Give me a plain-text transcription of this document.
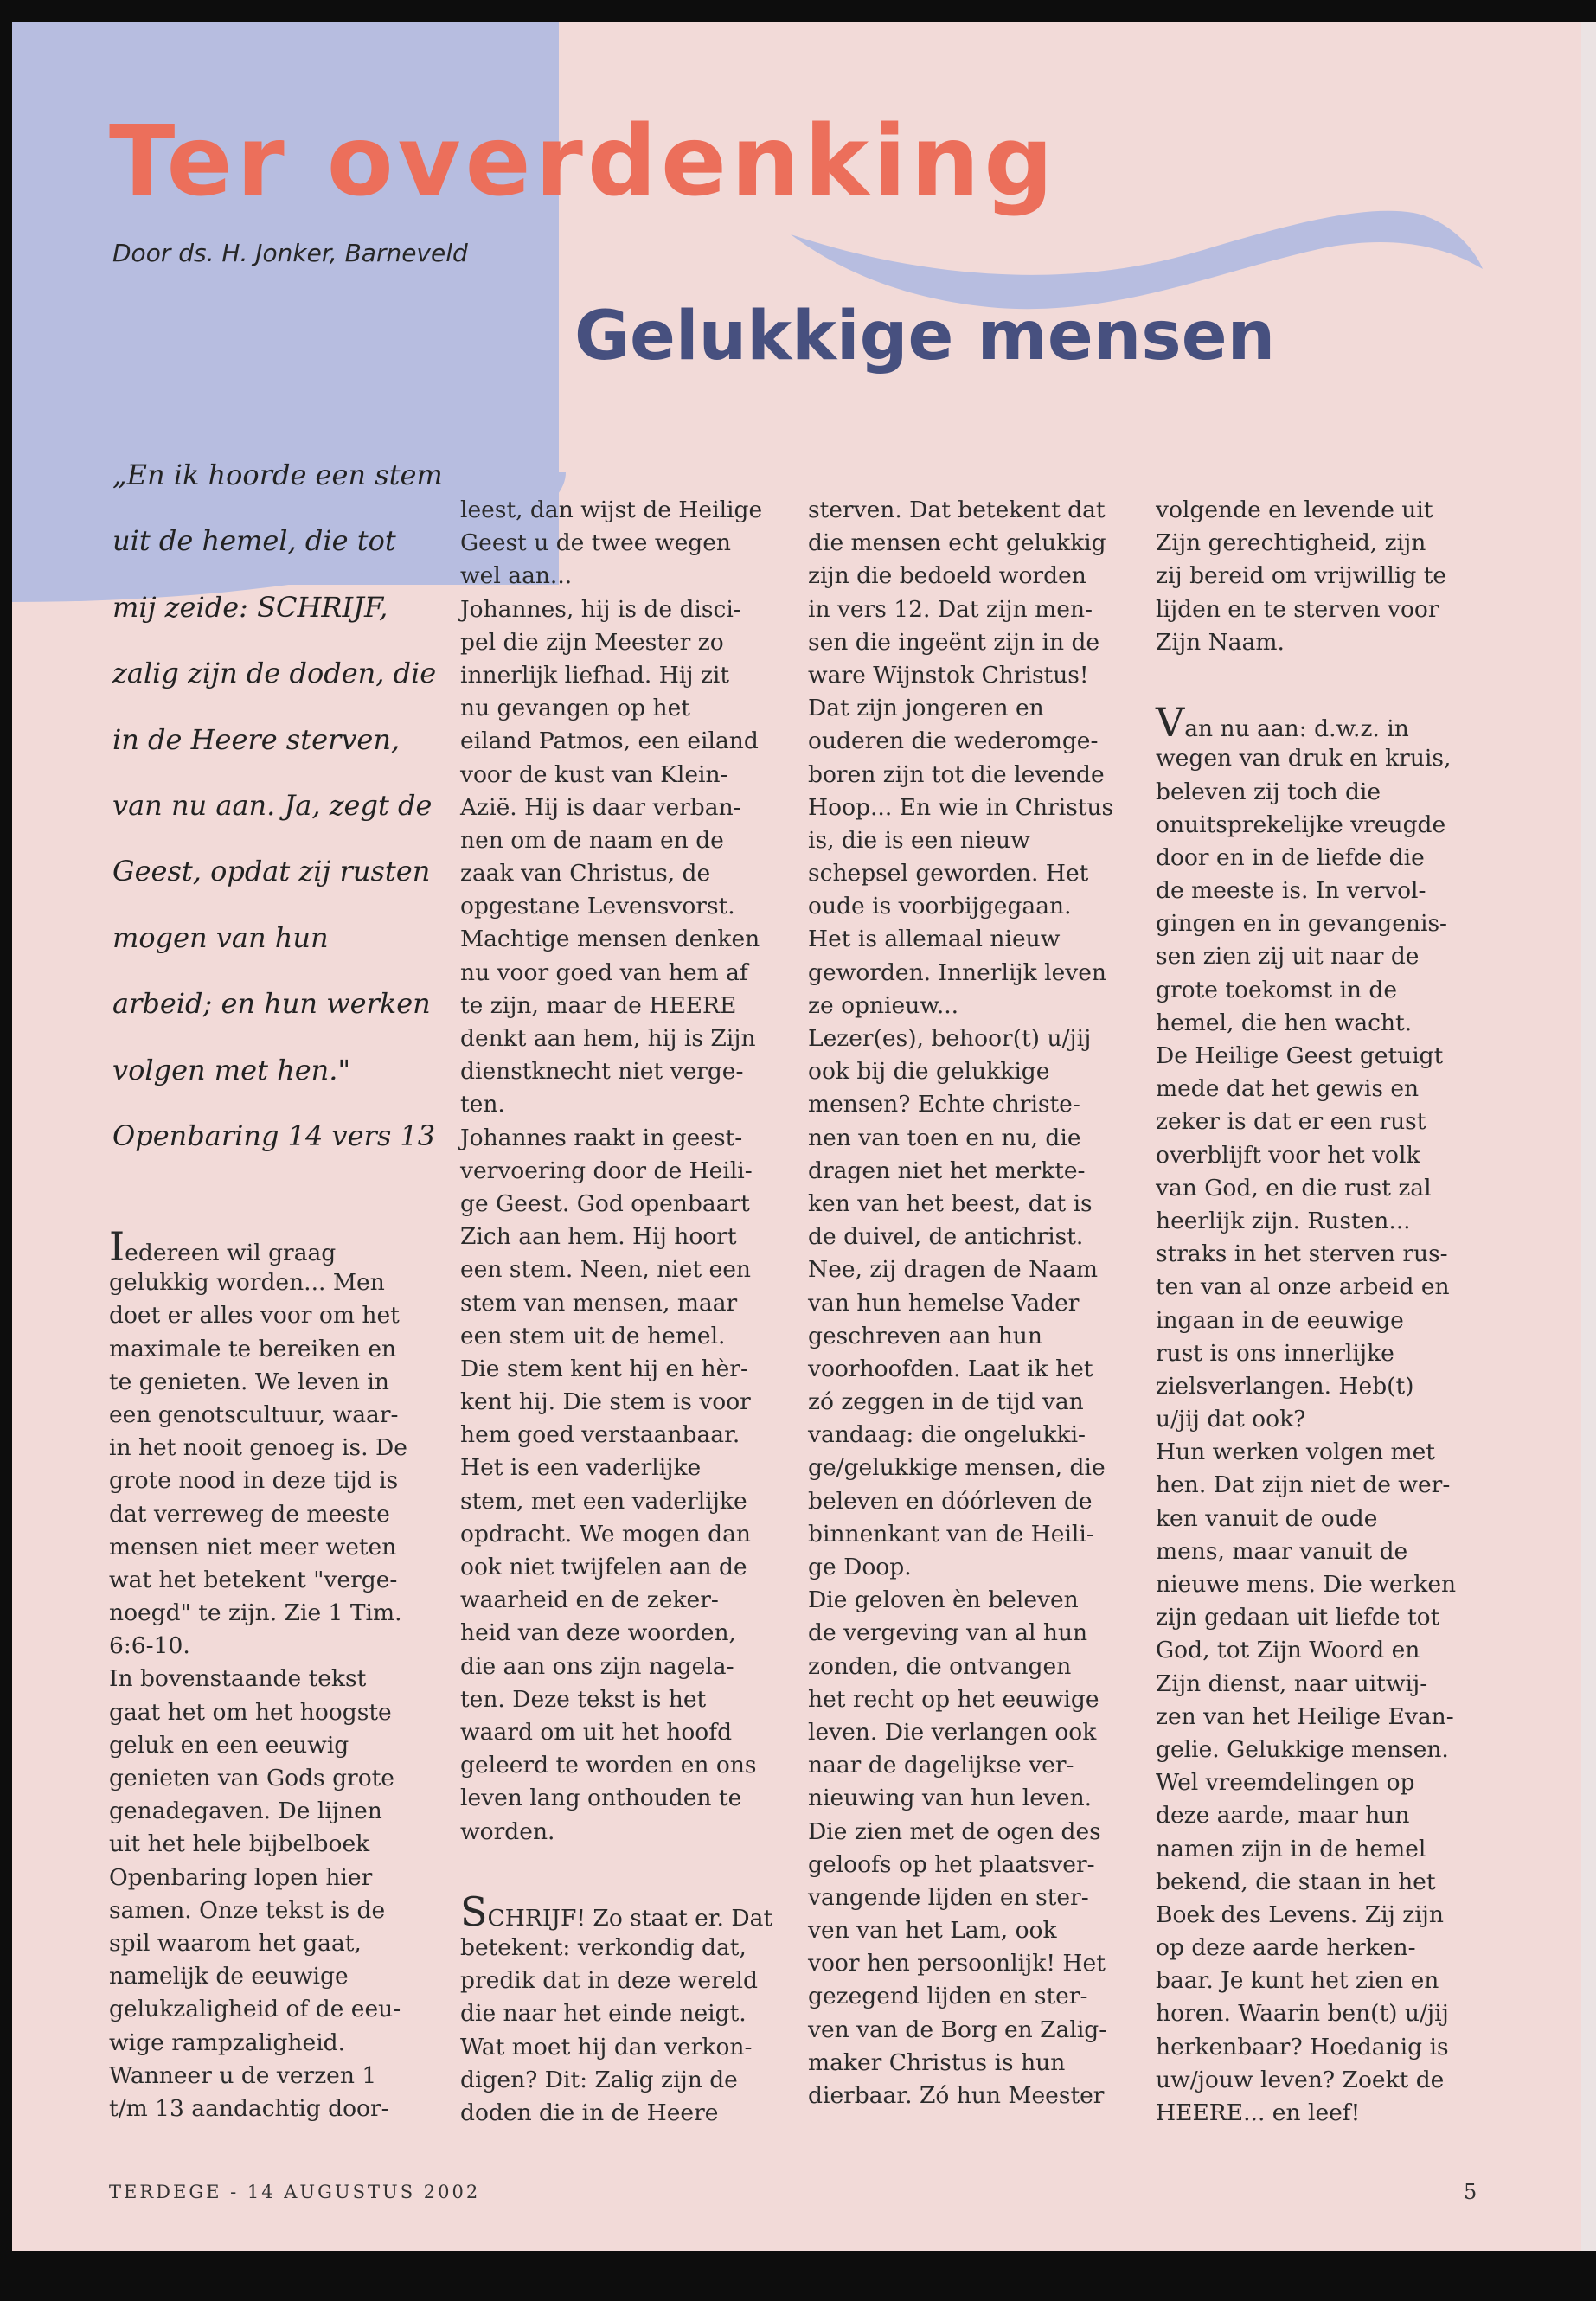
Ter overdenking
Door ds. H. Jonker, Barneveld
Gelukkige mensen
„En ik hoorde een stem
uit de hemel, die tot
mij zeide: SCHRIJF,
zalig zijn de doden, die
in de Heere sterven,
van nu aan. Ja, zegt de
Geest, opdat zij rusten
mogen van hun
arbeid; en hun werken
volgen met hen."
Openbaring 14 vers 13
Iedereen wil graag
gelukkig worden... Men
doet er alles voor om het
maximale te bereiken en
te genieten. We leven in
een genotscultuur, waar-
in het nooit genoeg is. De
grote nood in deze tijd is
dat verreweg de meeste
mensen niet meer weten
wat het betekent "verge-
noegd" te zijn. Zie 1 Tim.
6:6-10.
In bovenstaande tekst
gaat het om het hoogste
geluk en een eeuwig
genieten van Gods grote
genadegaven. De lijnen
uit het hele bijbelboek
Openbaring lopen hier
samen. Onze tekst is de
spil waarom het gaat,
namelijk de eeuwige
gelukzaligheid of de eeu-
wige rampzaligheid.
Wanneer u de verzen 1
t/m 13 aandachtig door-
leest, dan wijst de Heilige
Geest u de twee wegen
wel aan...
Johannes, hij is de disci-
pel die zijn Meester zo
innerlijk liefhad. Hij zit
nu gevangen op het
eiland Patmos, een eiland
voor de kust van Klein-
Azië. Hij is daar verban-
nen om de naam en de
zaak van Christus, de
opgestane Levensvorst.
Machtige mensen denken
nu voor goed van hem af
te zijn, maar de HEERE
denkt aan hem, hij is Zijn
dienstknecht niet verge-
ten.
Johannes raakt in geest-
vervoering door de Heili-
ge Geest. God openbaart
Zich aan hem. Hij hoort
een stem. Neen, niet een
stem van mensen, maar
een stem uit de hemel.
Die stem kent hij en hèr-
kent hij. Die stem is voor
hem goed verstaanbaar.
Het is een vaderlijke
stem, met een vaderlijke
opdracht. We mogen dan
ook niet twijfelen aan de
waarheid en de zeker-
heid van deze woorden,
die aan ons zijn nagela-
ten. Deze tekst is het
waard om uit het hoofd
geleerd te worden en ons
leven lang onthouden te
worden.
SCHRIJF! Zo staat er. Dat
betekent: verkondig dat,
predik dat in deze wereld
die naar het einde neigt.
Wat moet hij dan verkon-
digen? Dit: Zalig zijn de
doden die in de Heere
sterven. Dat betekent dat
die mensen echt gelukkig
zijn die bedoeld worden
in vers 12. Dat zijn men-
sen die ingeënt zijn in de
ware Wijnstok Christus!
Dat zijn jongeren en
ouderen die wederomge-
boren zijn tot die levende
Hoop... En wie in Christus
is, die is een nieuw
schepsel geworden. Het
oude is voorbijgegaan.
Het is allemaal nieuw
geworden. Innerlijk leven
ze opnieuw...
Lezer(es), behoor(t) u/jij
ook bij die gelukkige
mensen? Echte christe-
nen van toen en nu, die
dragen niet het merkte-
ken van het beest, dat is
de duivel, de antichrist.
Nee, zij dragen de Naam
van hun hemelse Vader
geschreven aan hun
voorhoofden. Laat ik het
zó zeggen in de tijd van
vandaag: die ongelukki-
ge/gelukkige mensen, die
beleven en dóórleven de
binnenkant van de Heili-
ge Doop.
Die geloven èn beleven
de vergeving van al hun
zonden, die ontvangen
het recht op het eeuwige
leven. Die verlangen ook
naar de dagelijkse ver-
nieuwing van hun leven.
Die zien met de ogen des
geloofs op het plaatsver-
vangende lijden en ster-
ven van het Lam, ook
voor hen persoonlijk! Het
gezegend lijden en ster-
ven van de Borg en Zalig-
maker Christus is hun
dierbaar. Zó hun Meester
volgende en levende uit
Zijn gerechtigheid, zijn
zij bereid om vrijwillig te
lijden en te sterven voor
Zijn Naam.
Van nu aan: d.w.z. in
wegen van druk en kruis,
beleven zij toch die
onuitsprekelijke vreugde
door en in de liefde die
de meeste is. In vervol-
gingen en in gevangenis-
sen zien zij uit naar de
grote toekomst in de
hemel, die hen wacht.
De Heilige Geest getuigt
mede dat het gewis en
zeker is dat er een rust
overblijft voor het volk
van God, en die rust zal
heerlijk zijn. Rusten...
straks in het sterven rus-
ten van al onze arbeid en
ingaan in de eeuwige
rust is ons innerlijke
zielsverlangen. Heb(t)
u/jij dat ook?
Hun werken volgen met
hen. Dat zijn niet de wer-
ken vanuit de oude
mens, maar vanuit de
nieuwe mens. Die werken
zijn gedaan uit liefde tot
God, tot Zijn Woord en
Zijn dienst, naar uitwij-
zen van het Heilige Evan-
gelie. Gelukkige mensen.
Wel vreemdelingen op
deze aarde, maar hun
namen zijn in de hemel
bekend, die staan in het
Boek des Levens. Zij zijn
op deze aarde herken-
baar. Je kunt het zien en
horen. Waarin ben(t) u/jij
herkenbaar? Hoedanig is
uw/jouw leven? Zoekt de
HEERE... en leef!
TERDEGE - 14 AUGUSTUS 2002	5
